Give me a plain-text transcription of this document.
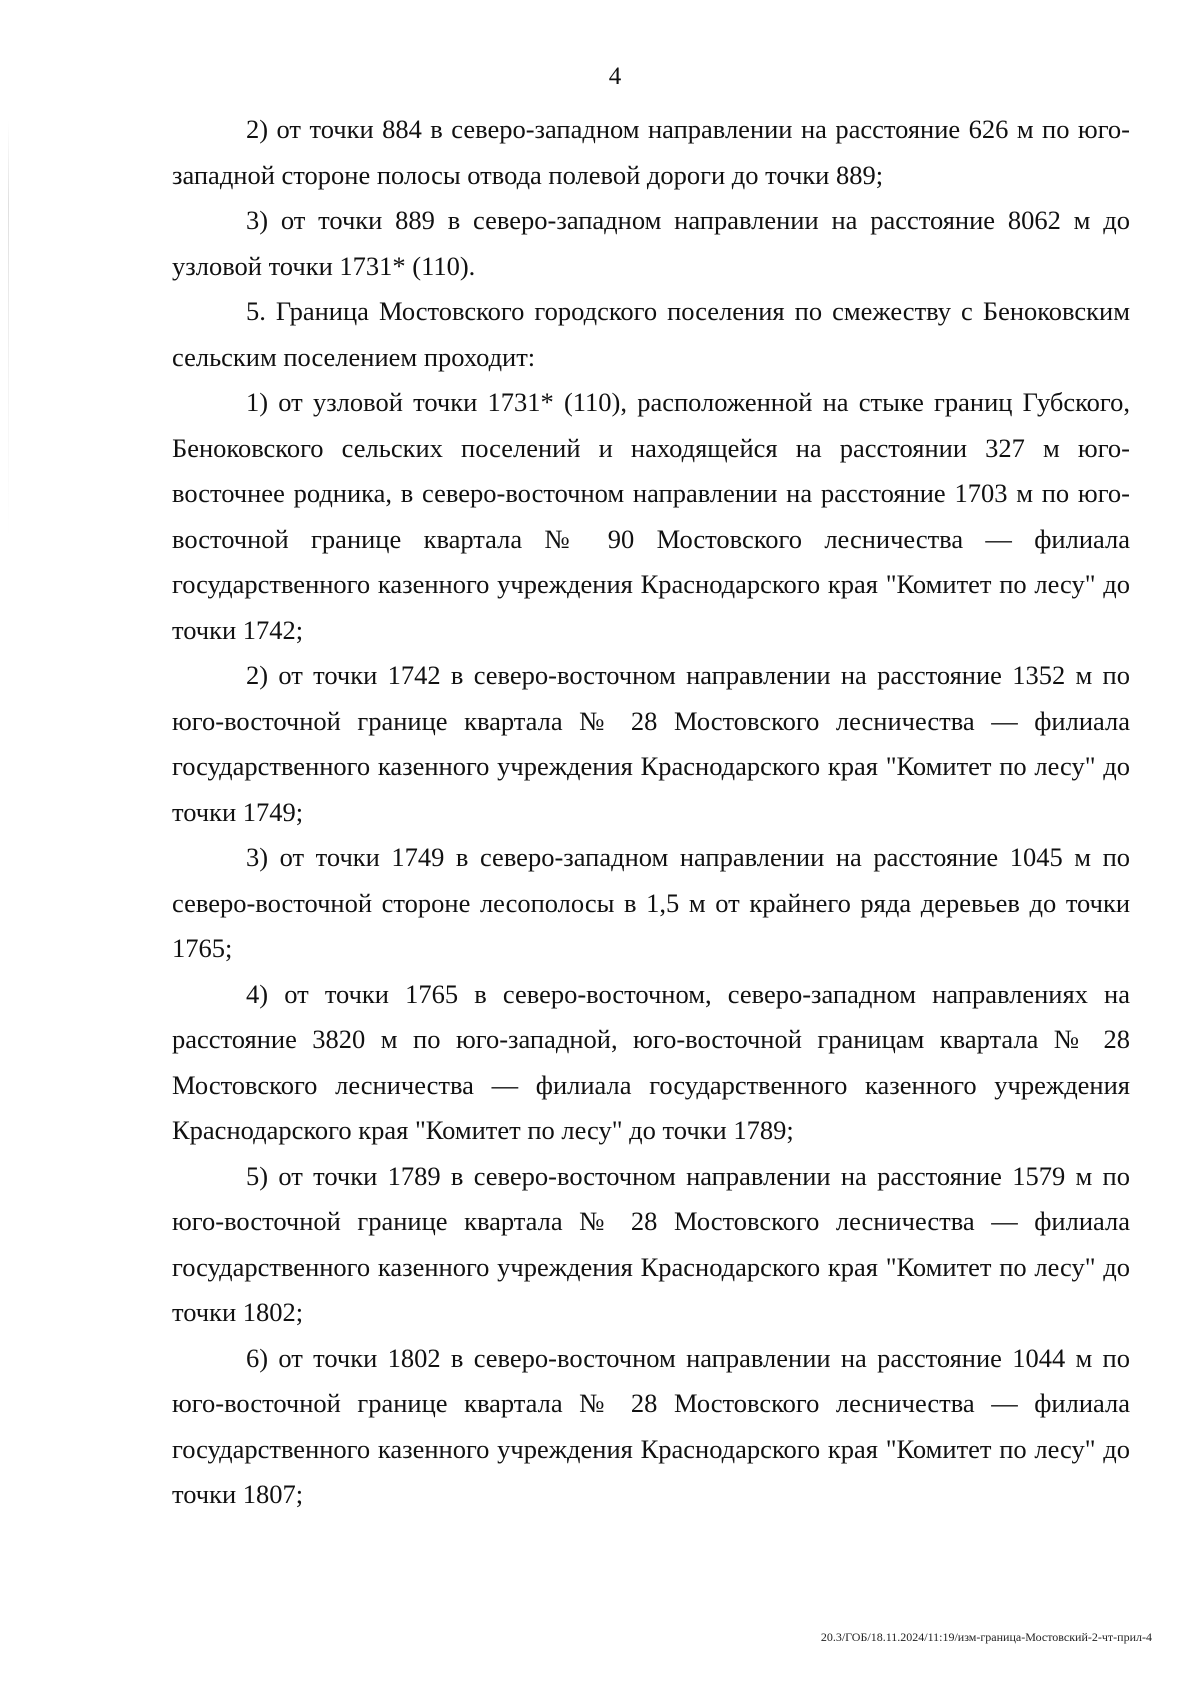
4

2) от точки 884 в северо-западном направлении на расстояние 626 м по юго-западной стороне полосы отвода полевой дороги до точки 889;

3) от точки 889 в северо-западном направлении на расстояние 8062 м до узловой точки 1731* (110).

5. Граница Мостовского городского поселения по смежеству с Беноковским сельским поселением проходит:

1) от узловой точки 1731* (110), расположенной на стыке границ Губского, Беноковского сельских поселений и находящейся на расстоянии 327 м юго-восточнее родника, в северо-восточном направлении на расстояние 1703 м по юго-восточной границе квартала № 90 Мостовского лесничества — филиала государственного казенного учреждения Краснодарского края "Комитет по лесу" до точки 1742;

2) от точки 1742 в северо-восточном направлении на расстояние 1352 м по юго-восточной границе квартала № 28 Мостовского лесничества — филиала государственного казенного учреждения Краснодарского края "Комитет по лесу" до точки 1749;

3) от точки 1749 в северо-западном направлении на расстояние 1045 м по северо-восточной стороне лесополосы в 1,5 м от крайнего ряда деревьев до точки 1765;

4) от точки 1765 в северо-восточном, северо-западном направлениях на расстояние 3820 м по юго-западной, юго-восточной границам квартала № 28 Мостовского лесничества — филиала государственного казенного учреждения Краснодарского края "Комитет по лесу" до точки 1789;

5) от точки 1789 в северо-восточном направлении на расстояние 1579 м по юго-восточной границе квартала № 28 Мостовского лесничества — филиала государственного казенного учреждения Краснодарского края "Комитет по лесу" до точки 1802;

6) от точки 1802 в северо-восточном направлении на расстояние 1044 м по юго-восточной границе квартала № 28 Мостовского лесничества — филиала государственного казенного учреждения Краснодарского края "Комитет по лесу" до точки 1807;

20.3/ГОБ/18.11.2024/11:19/изм-граница-Мостовский-2-чт-прил-4
